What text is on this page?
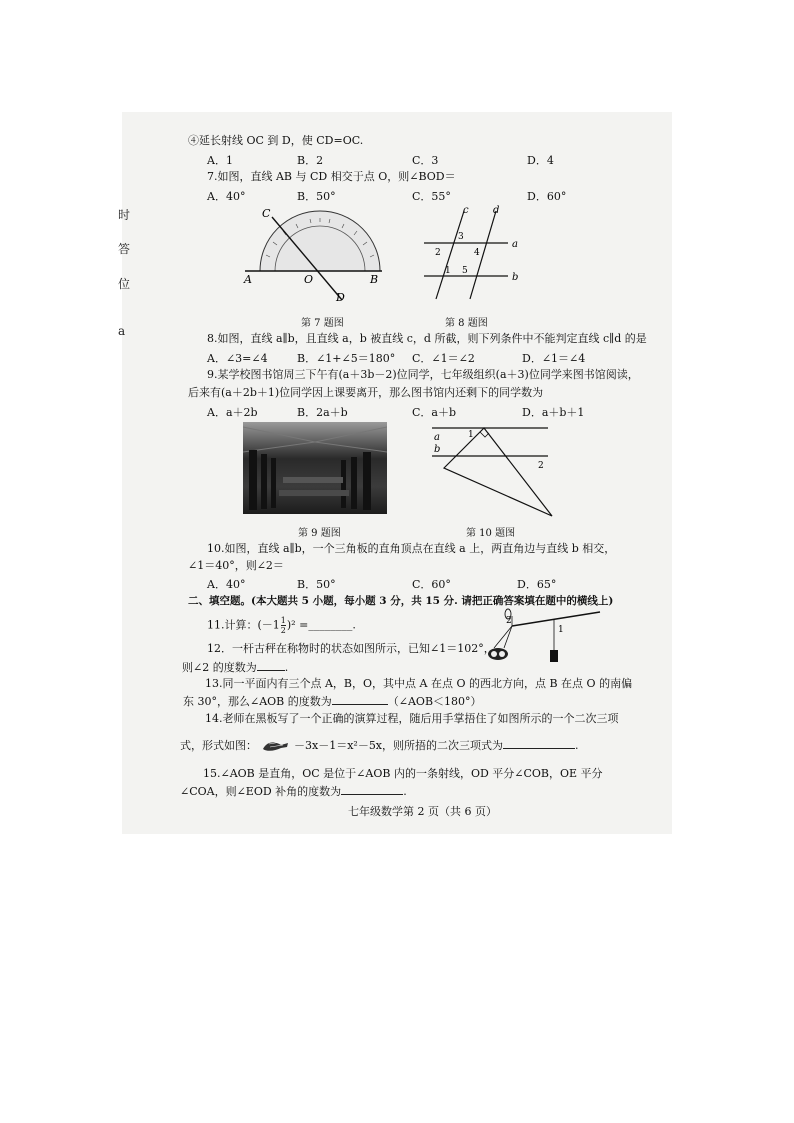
时
答
位
a
④延长射线 OC 到 D，使 CD=OC.
A．1	B．2	C．3	D．4
7.如图，直线 AB 与 CD 相交于点 O，则∠BOD＝
A．40°	B．50°	C．55°	D．60°
C
A	O	B
D
第 7 题图
c d
a
b
1
2
3
4
5
第 8 题图
8.如图，直线 a∥b，且直线 a，b 被直线 c，d 所截，则下列条件中不能判定直线 c∥d 的是
A．∠3=∠4	B．∠1+∠5＝180° C．∠1＝∠2	D．∠1＝∠4
9.某学校图书馆周三下午有(a＋3b－2)位同学，七年级组织(a＋3)位同学来图书馆阅读，
后来有(a＋2b＋1)位同学因上课要离开，那么图书馆内还剩下的同学数为
A．a＋2b	B．2a＋b	C．a＋b	D．a＋b＋1
第 9 题图
a
b
1
2
第 10 题图
10.如图，直线 a∥b，一个三角板的直角顶点在直线 a 上，两直角边与直线 b 相交，
∠1＝40°，则∠2＝
A．40°	B．50°	C．60°	D．65°
二、填空题。(本大题共 5 小题，每小题 3 分，共 15 分. 请把正确答案填在题中的横线上)
11.计算：$(-1\frac{1}{2})^2$ =________.	2
1
12．一杆古秤在称物时的状态如图所示，已知∠1＝102°，
则∠2 的度数为	.
13.同一平面内有三个点 A，B，O，其中点 A 在点 O 的西北方向，点 B 在点 O 的南偏
东 30°，那么∠AOB 的度数为	（∠AOB＜180°）
14.老师在黑板写了一个正确的演算过程，随后用手掌捂住了如图所示的一个二次三项
式，形式如图：	－3x－1＝x²－5x，则所捂的二次三项式为	.
15.∠AOB 是直角，OC 是位于∠AOB 内的一条射线，OD 平分∠COB，OE 平分
∠COA，则∠EOD 补角的度数为	.
七年级数学第 2 页（共 6 页）
